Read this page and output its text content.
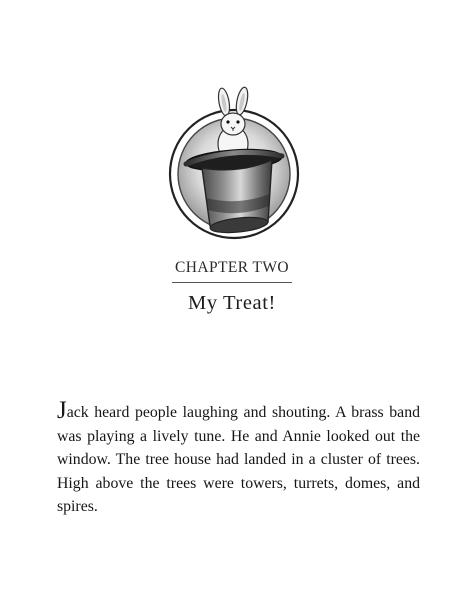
CHAPTER TWO
My Treat!

Jack heard people laughing and shouting. A brass band was playing a lively tune. He and Annie looked out the window. The tree house had landed in a cluster of trees. High above the trees were towers, turrets, domes, and spires.
